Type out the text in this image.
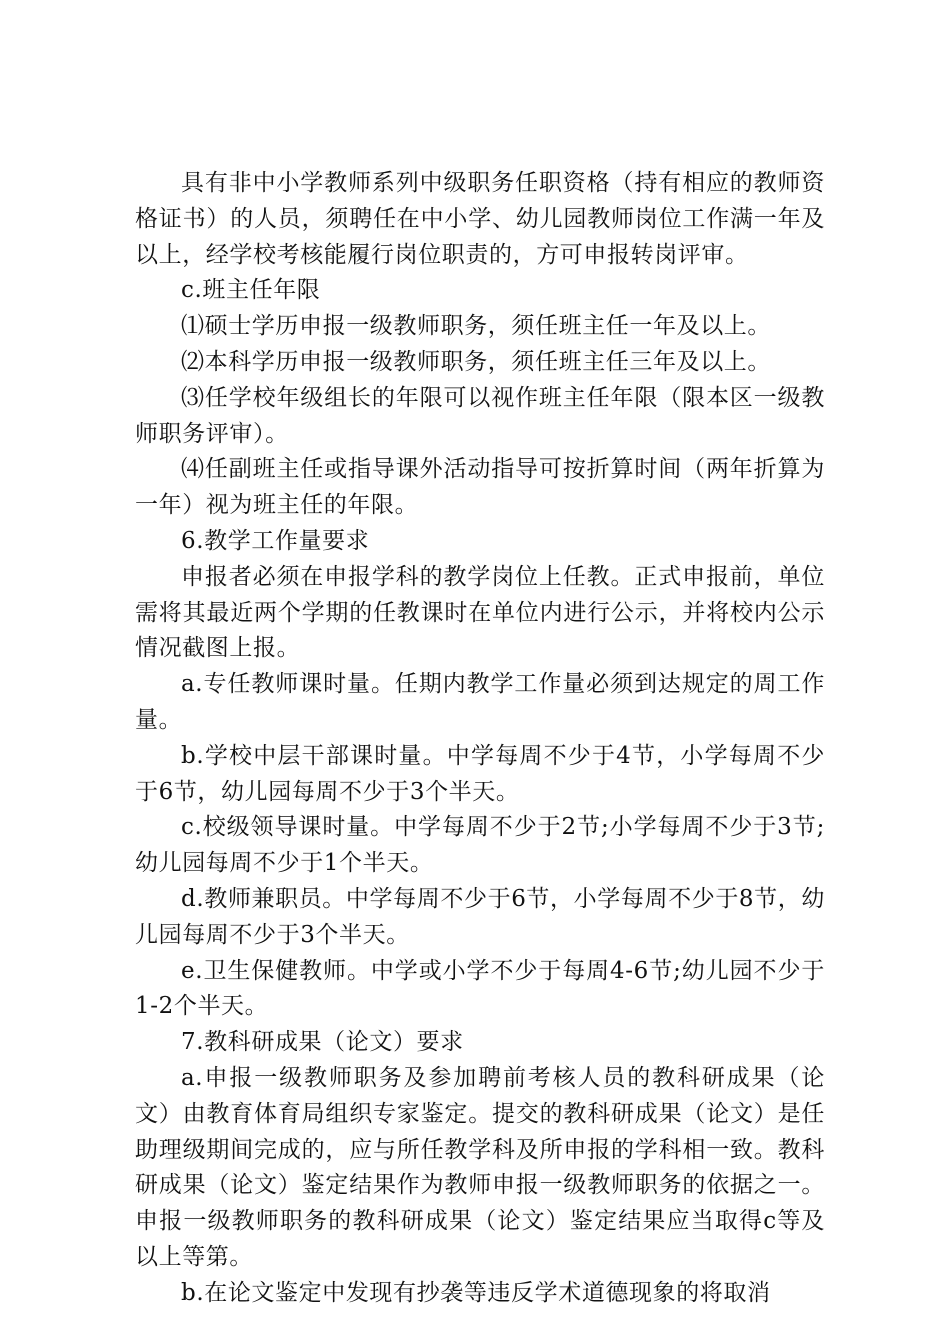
具有非中小学教师系列中级职务任职资格（持有相应的教师资格证书）的人员，须聘任在中小学、幼儿园教师岗位工作满一年及以上，经学校考核能履行岗位职责的，方可申报转岗评审。

c.班主任年限

⑴硕士学历申报一级教师职务，须任班主任一年及以上。

⑵本科学历申报一级教师职务，须任班主任三年及以上。

⑶任学校年级组长的年限可以视作班主任年限（限本区一级教师职务评审）。

⑷任副班主任或指导课外活动指导可按折算时间（两年折算为一年）视为班主任的年限。

6.教学工作量要求

申报者必须在申报学科的教学岗位上任教。正式申报前，单位需将其最近两个学期的任教课时在单位内进行公示，并将校内公示情况截图上报。

a.专任教师课时量。任期内教学工作量必须到达规定的周工作量。

b.学校中层干部课时量。中学每周不少于4节，小学每周不少于6节，幼儿园每周不少于3个半天。

c.校级领导课时量。中学每周不少于2节;小学每周不少于3节;幼儿园每周不少于1个半天。

d.教师兼职员。中学每周不少于6节，小学每周不少于8节，幼儿园每周不少于3个半天。

e.卫生保健教师。中学或小学不少于每周4-6节;幼儿园不少于1-2个半天。

7.教科研成果（论文）要求

a.申报一级教师职务及参加聘前考核人员的教科研成果（论文）由教育体育局组织专家鉴定。提交的教科研成果（论文）是任助理级期间完成的，应与所任教学科及所申报的学科相一致。教科研成果（论文）鉴定结果作为教师申报一级教师职务的依据之一。申报一级教师职务的教科研成果（论文）鉴定结果应当取得c等及以上等第。

b.在论文鉴定中发现有抄袭等违反学术道德现象的将取消
